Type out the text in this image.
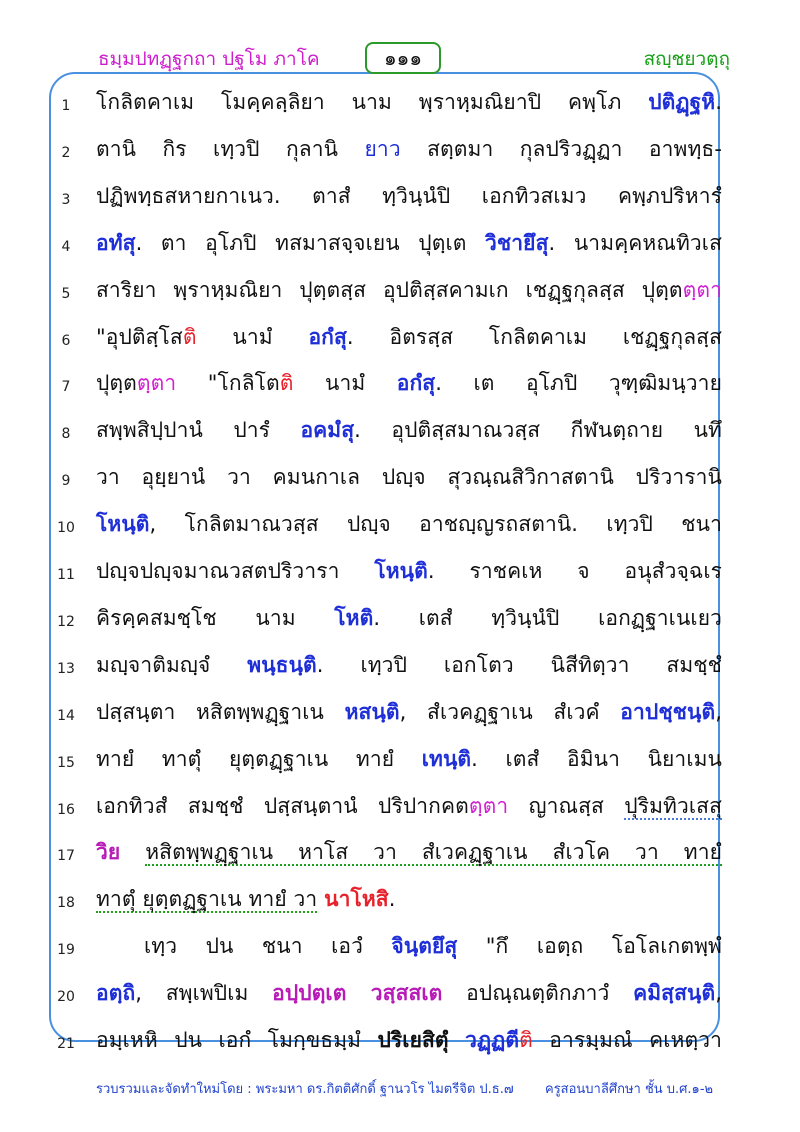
ธมฺมปทฏฺฐกถา ปฐโม ภาโค	๑๑๑	สญฺชยวตฺถุ
1	โกลิตคาเม โมคฺคลฺลิยา นาม พฺราหฺมณิยาปิ คพฺโภ ปติฏฺฐหิ.
2	ตานิ กิร เทฺวปิ กุลานิ ยาว สตฺตมา กุลปริวฏฺฏา อาพทฺธ-
3	ปฏิพทฺธสหายกาเนว. ตาสํ ทฺวินฺนํปิ เอกทิวสเมว คพฺภปริหารํ
4	อทํสุ. ตา อุโภปิ ทสมาสจฺจเยน ปุตฺเต วิชายึสุ. นามคฺคหณทิวเส
5	สาริยา พฺราหฺมณิยา ปุตฺตสฺส อุปติสฺสคามเก เชฏฺฐกุลสฺส ปุตฺตตฺตา
6	"อุปติสฺโสติ นามํ อกํสุ. อิตรสฺส โกลิตคาเม เชฏฺฐกุลสฺส
7	ปุตฺตตฺตา "โกลิโตติ นามํ อกํสุ. เต อุโภปิ วุฑฺฒิมนฺวาย
8	สพฺพสิปฺปานํ ปารํ อคมํสุ. อุปติสฺสมาณวสฺส กีฬนตฺถาย นทึ
9	วา อุยฺยานํ วา คมนกาเล ปญฺจ สุวณฺณสิวิกาสตานิ ปริวารานิ
10 โหนฺติ, โกลิตมาณวสฺส ปญฺจ อาชญฺญรถสตานิ. เทฺวปิ ชนา
11 ปญฺจปญฺจมาณวสตปริวารา โหนฺติ. ราชคเห จ อนุสํวจฺฉเร
12 คิรคฺคสมชฺโช นาม โหติ. เตสํ ทฺวินฺนํปิ เอกฏฺฐาเนเยว
13 มญฺจาติมญฺจํ พนฺธนฺติ. เทฺวปิ เอกโตว นิสีทิตฺวา สมชฺชํ
14 ปสฺสนฺตา หสิตพฺพฏฺฐาเน หสนฺติ, สํเวคฏฺฐาเน สํเวคํ อาปชฺชนฺติ,
15 ทายํ ทาตุํ ยุตฺตฏฺฐาเน ทายํ เทนฺติ. เตสํ อิมินา นิยาเมน
16 เอกทิวสํ สมชฺชํ ปสฺสนฺตานํ ปริปากคตตฺตา ญาณสฺส ปุริมทิวเสสุ
17 วิย หสิตพฺพฏฺฐาเน หาโส วา สํเวคฏฺฐาเน สํเวโค วา ทายํ
18 ทาตุํ ยุตฺตฏฺฐาเน ทายํ วา นาโหสิ.
19	เทฺว ปน ชนา เอวํ จินฺตยึสุ "กึ เอตฺถ โอโลเกตพฺพํ
20 อตฺถิ, สพฺเพปิเม อปฺปตฺเต วสฺสสเต อปณฺณตฺติกภาวํ คมิสฺสนฺติ,
21 อมฺเหหิ ปน เอกํ โมกฺขธมฺมํ ปริเยสิตุํ วฏฺฏตีติ อารมฺมณํ คเหตฺวา
รวบรวมและจัดทำใหม่โดย : พระมหา ดร.กิตติศักดิ์ ฐานวโร ไมตรีจิต ป.ธ.๗ ครูสอนบาลีศึกษา ชั้น บ.ศ.๑-๒
